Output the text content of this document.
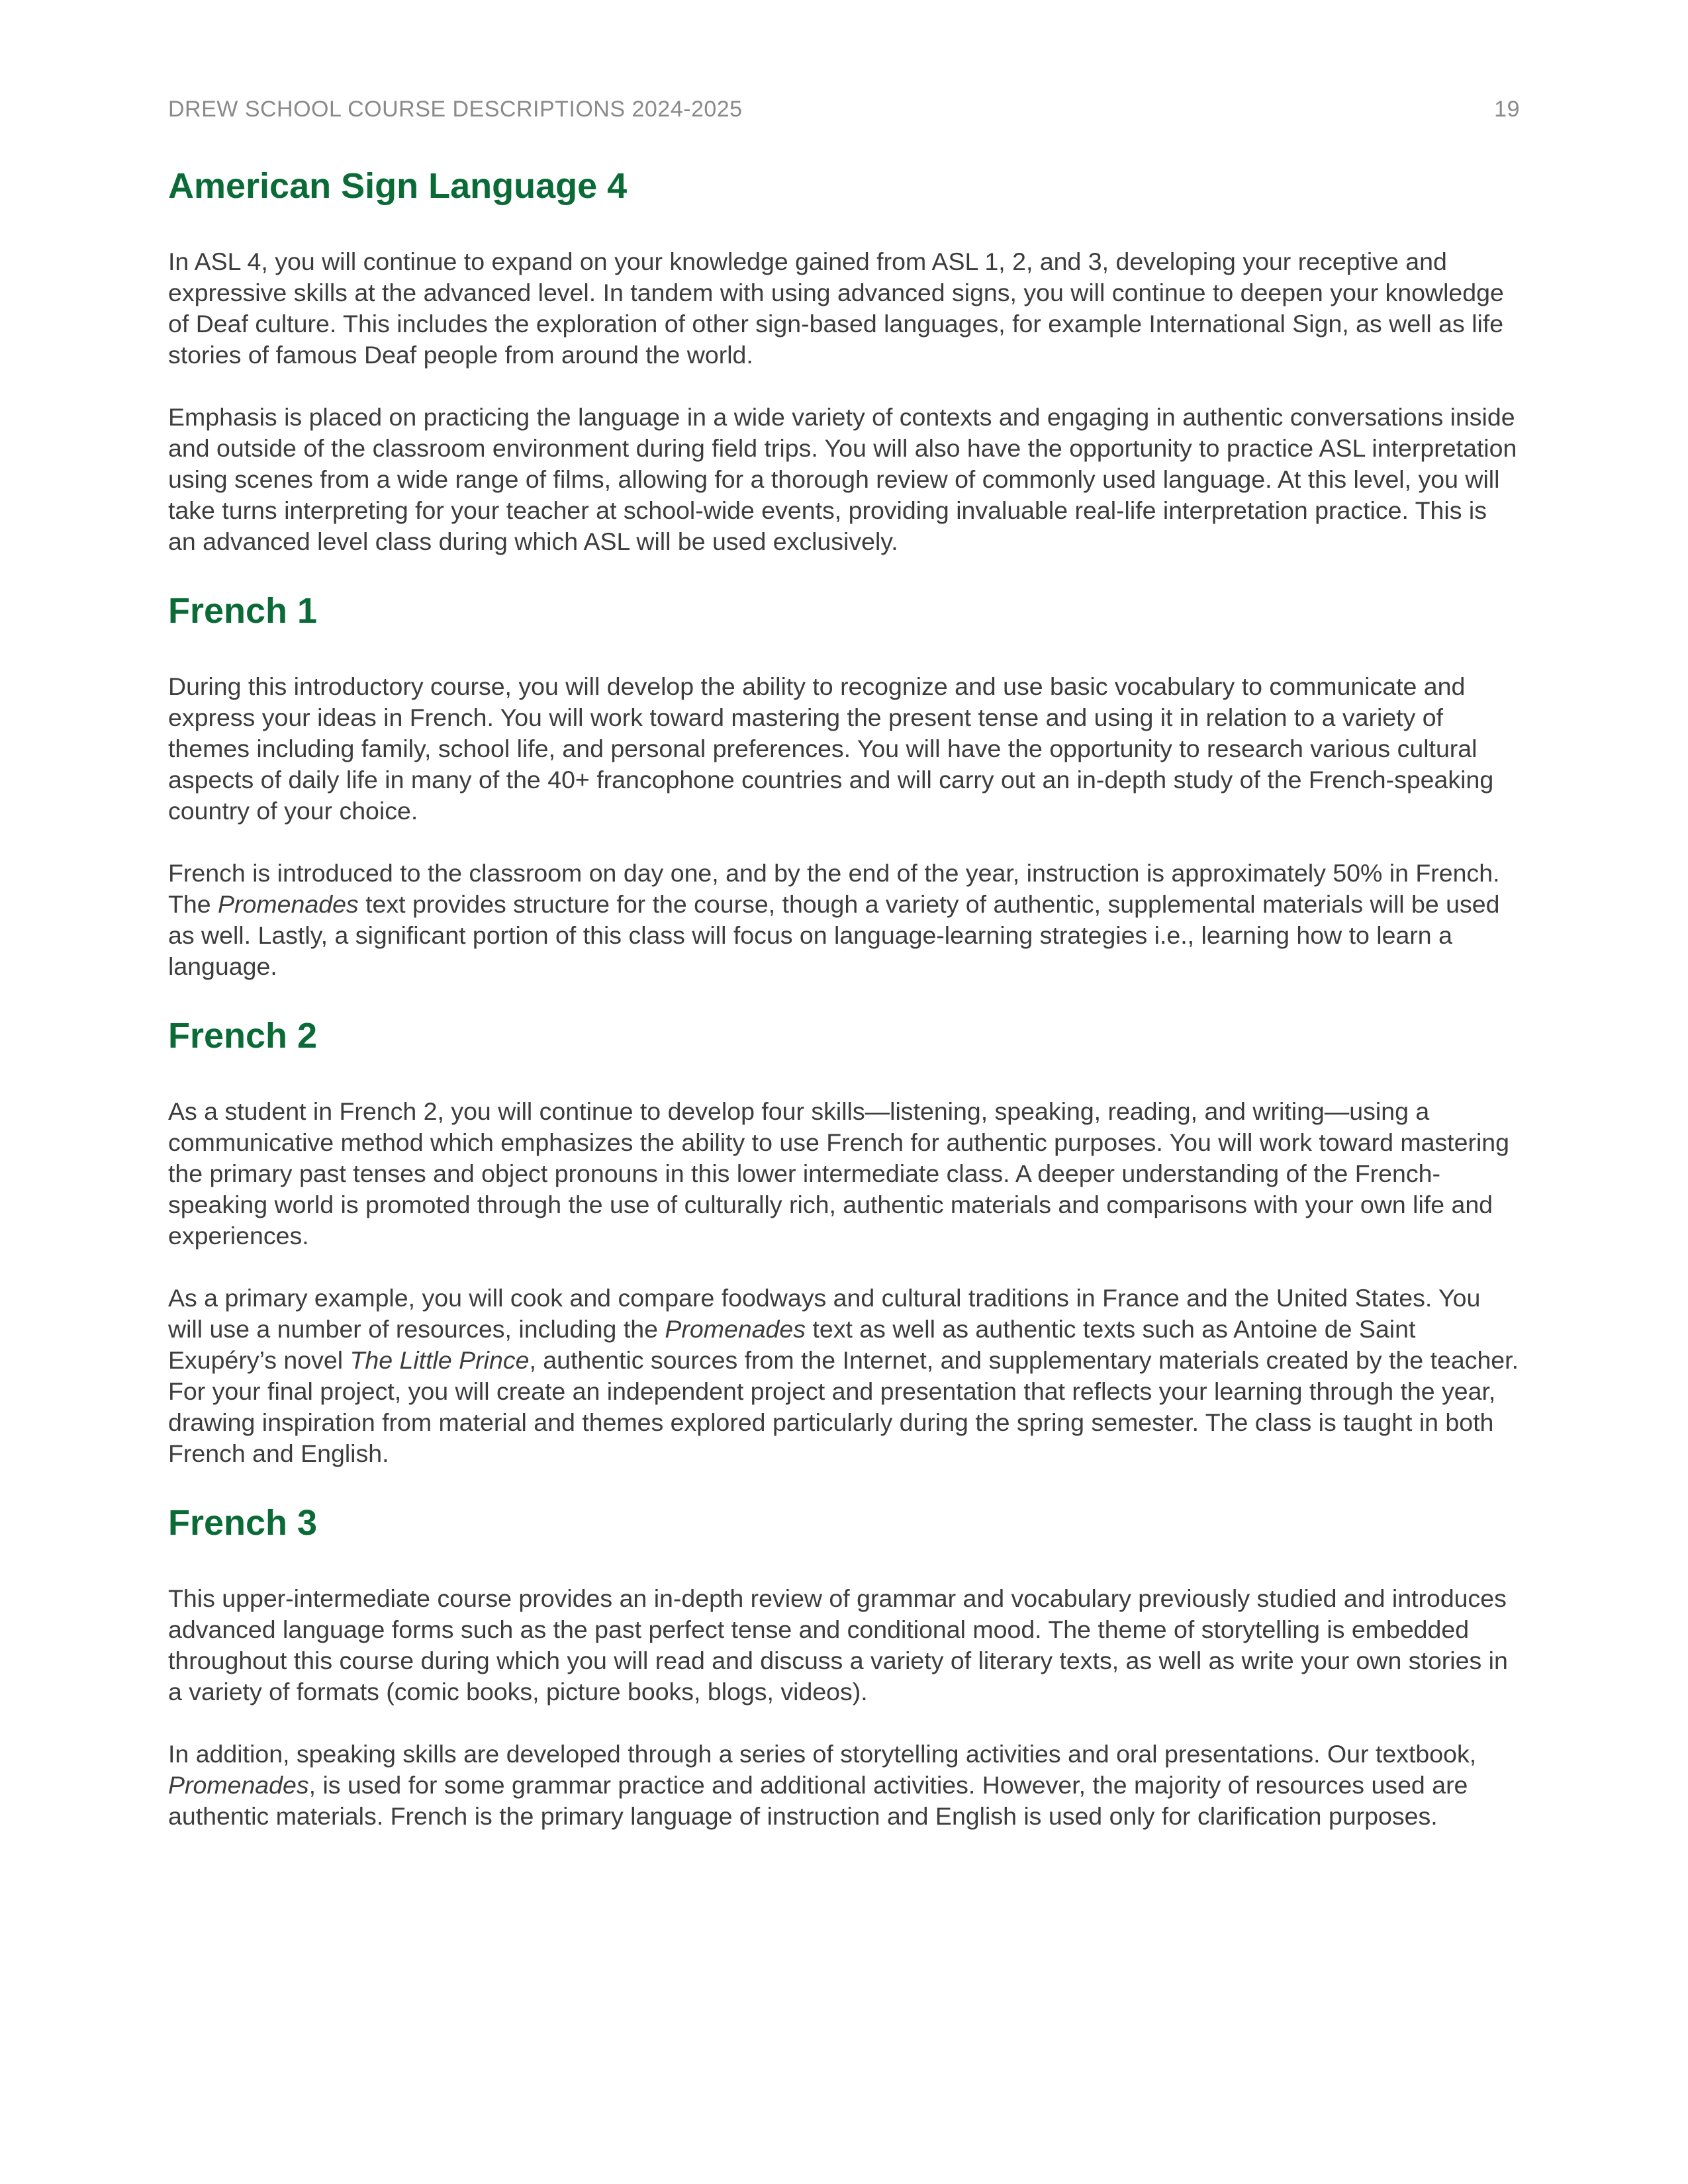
DREW SCHOOL COURSE DESCRIPTIONS 2024-2025	19
American Sign Language 4

In ASL 4, you will continue to expand on your knowledge gained from ASL 1, 2, and 3, developing your receptive and expressive skills at the advanced level. In tandem with using advanced signs, you will continue to deepen your knowledge of Deaf culture. This includes the exploration of other sign-based languages, for example International Sign, as well as life stories of famous Deaf people from around the world.

Emphasis is placed on practicing the language in a wide variety of contexts and engaging in authentic conversations inside and outside of the classroom environment during field trips. You will also have the opportunity to practice ASL interpretation using scenes from a wide range of films, allowing for a thorough review of commonly used language. At this level, you will take turns interpreting for your teacher at school-wide events, providing invaluable real-life interpretation practice. This is an advanced level class during which ASL will be used exclusively.

French 1

During this introductory course, you will develop the ability to recognize and use basic vocabulary to communicate and express your ideas in French. You will work toward mastering the present tense and using it in relation to a variety of themes including family, school life, and personal preferences. You will have the opportunity to research various cultural aspects of daily life in many of the 40+ francophone countries and will carry out an in-depth study of the French-speaking country of your choice.

French is introduced to the classroom on day one, and by the end of the year, instruction is approximately 50% in French. The Promenades text provides structure for the course, though a variety of authentic, supplemental materials will be used as well. Lastly, a significant portion of this class will focus on language-learning strategies i.e., learning how to learn a language.

French 2

As a student in French 2, you will continue to develop four skills—listening, speaking, reading, and writing—using a communicative method which emphasizes the ability to use French for authentic purposes. You will work toward mastering the primary past tenses and object pronouns in this lower intermediate class. A deeper understanding of the French-speaking world is promoted through the use of culturally rich, authentic materials and comparisons with your own life and experiences.

As a primary example, you will cook and compare foodways and cultural traditions in France and the United States. You will use a number of resources, including the Promenades text as well as authentic texts such as Antoine de Saint Exupéry’s novel The Little Prince, authentic sources from the Internet, and supplementary materials created by the teacher. For your final project, you will create an independent project and presentation that reflects your learning through the year, drawing inspiration from material and themes explored particularly during the spring semester. The class is taught in both French and English.

French 3

This upper-intermediate course provides an in-depth review of grammar and vocabulary previously studied and introduces advanced language forms such as the past perfect tense and conditional mood. The theme of storytelling is embedded throughout this course during which you will read and discuss a variety of literary texts, as well as write your own stories in a variety of formats (comic books, picture books, blogs, videos).

In addition, speaking skills are developed through a series of storytelling activities and oral presentations. Our textbook, Promenades, is used for some grammar practice and additional activities. However, the majority of resources used are authentic materials. French is the primary language of instruction and English is used only for clarification purposes.
